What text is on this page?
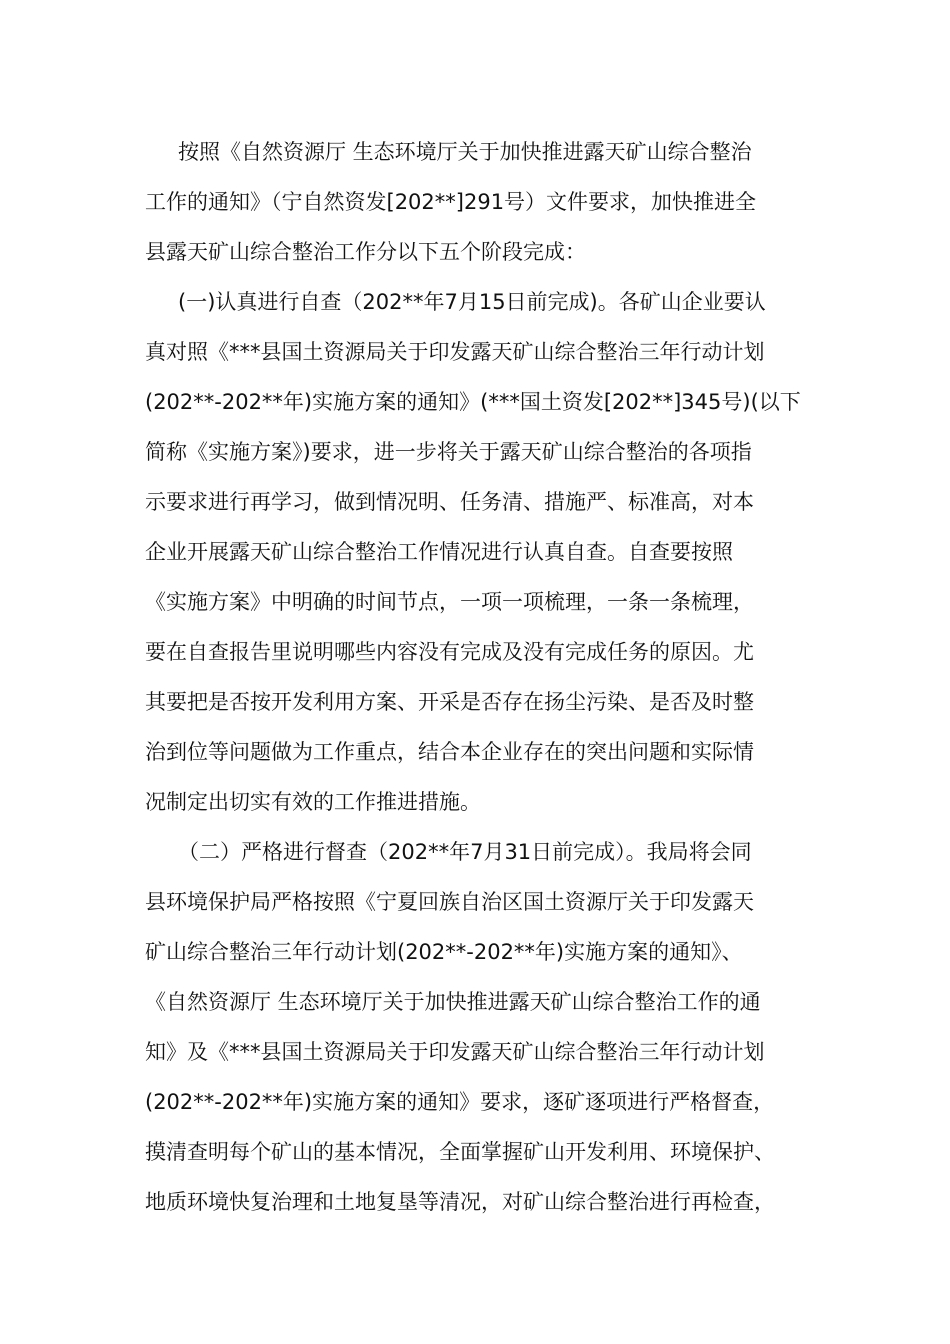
按照《自然资源厅 生态环境厅关于加快推进露天矿山综合整治
工作的通知》（宁自然资发[202**]291号）文件要求，加快推进全
县露天矿山综合整治工作分以下五个阶段完成：
(一)认真进行自查（202**年7月15日前完成)。各矿山企业要认
真对照《***县国土资源局关于印发露天矿山综合整治三年行动计划
(202**-202**年)实施方案的通知》(***国土资发[202**]345号)(以下
简称《实施方案》)要求，进一步将关于露天矿山综合整治的各项指
示要求进行再学习，做到情况明、任务清、措施严、标准高，对本
企业开展露天矿山综合整治工作情况进行认真自查。自查要按照
《实施方案》中明确的时间节点，一项一项梳理，一条一条梳理，
要在自查报告里说明哪些内容没有完成及没有完成任务的原因。尤
其要把是否按开发利用方案、开采是否存在扬尘污染、是否及时整
治到位等问题做为工作重点，结合本企业存在的突出问题和实际情
况制定出切实有效的工作推进措施。
（二）严格进行督查（202**年7月31日前完成）。我局将会同
县环境保护局严格按照《宁夏回族自治区国土资源厅关于印发露天
矿山综合整治三年行动计划(202**-202**年)实施方案的通知》、
《自然资源厅 生态环境厅关于加快推进露天矿山综合整治工作的通
知》及《***县国土资源局关于印发露天矿山综合整治三年行动计划
(202**-202**年)实施方案的通知》要求，逐矿逐项进行严格督查，
摸清查明每个矿山的基本情况，全面掌握矿山开发利用、环境保护、
地质环境快复治理和土地复垦等清况，对矿山综合整治进行再检查，
